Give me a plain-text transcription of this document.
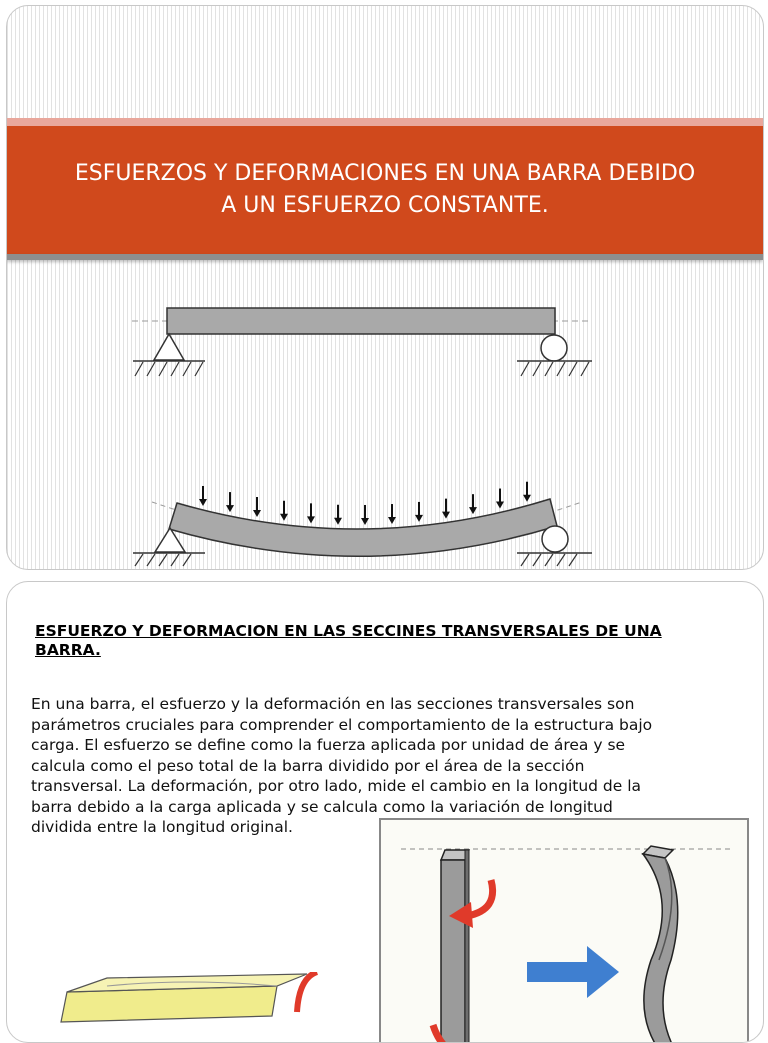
ESFUERZOS Y DEFORMACIONES EN UNA BARRA DEBIDO A UN ESFUERZO CONSTANTE.
ESFUERZO Y DEFORMACION EN LAS SECCINES TRANSVERSALES DE UNA BARRA.
En una barra, el esfuerzo y la deformación en las secciones transversales son parámetros cruciales para comprender el comportamiento de la estructura bajo carga. El esfuerzo se define como la fuerza aplicada por unidad de área y se calcula como el peso total de la barra dividido por el área de la sección transversal. La deformación, por otro lado, mide el cambio en la longitud de la barra debido a la carga aplicada y se calcula como la variación de longitud dividida entre la longitud original.
